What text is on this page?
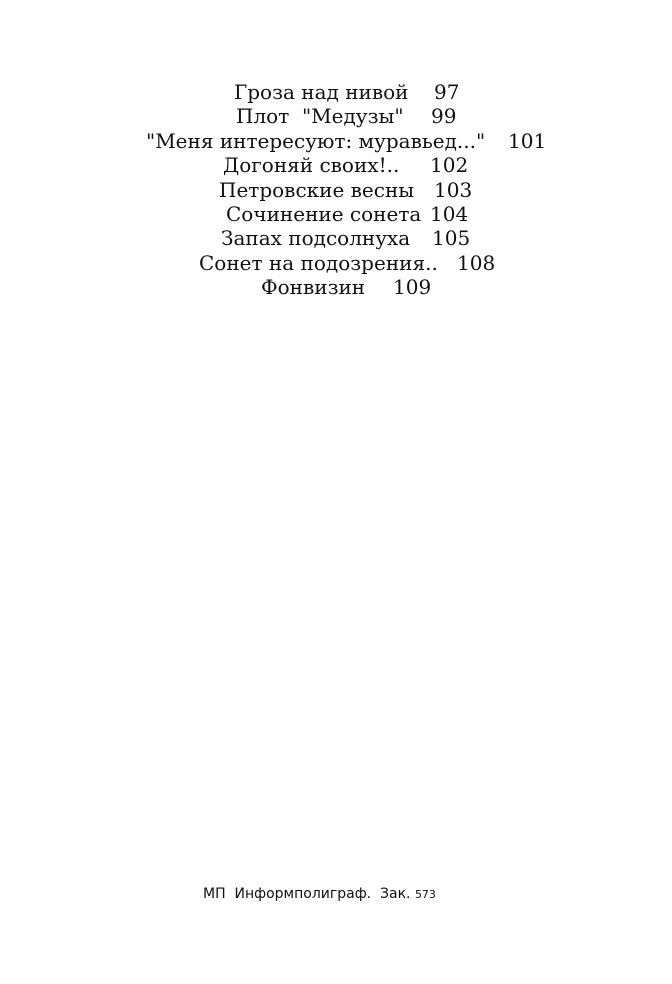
Гроза над нивой

97

Плот  "Медузы"

99

"Меня интересуют: муравьед..."

101

Догоняй своих!..

102

Петровские весны

103

Сочинение сонета

104

Запах подсолнуха

105

Сонет на подозрения..

108

Фонвизин

109

МП  Информполиграф.  Зак. 573
